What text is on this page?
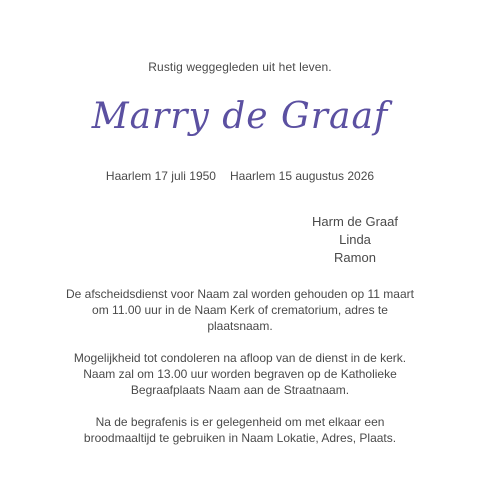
Rustig weggegleden uit het leven.
Marry de Graaf
Haarlem 17 juli 1950 Haarlem 15 augustus 2026
Harm de Graaf
Linda
Ramon
De afscheidsdienst voor Naam zal worden gehouden op 11 maart om 11.00 uur in de Naam Kerk of crematorium, adres te plaatsnaam.
Mogelijkheid tot condoleren na afloop van de dienst in de kerk. Naam zal om 13.00 uur worden begraven op de Katholieke Begraafplaats Naam aan de Straatnaam.
Na de begrafenis is er gelegenheid om met elkaar een broodmaaltijd te gebruiken in Naam Lokatie, Adres, Plaats.
